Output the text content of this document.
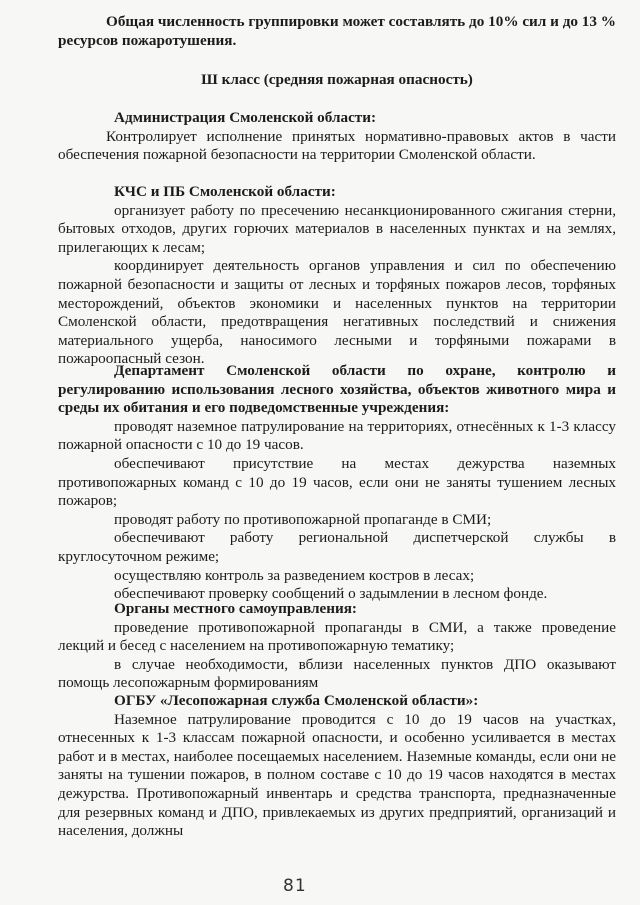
Общая численность группировки может составлять до 10% сил и до 13 % ресурсов пожаротушения.

Ш класс (средняя пожарная опасность)

Администрация Смоленской области:

Контролирует исполнение принятых нормативно-правовых актов в части обеспечения пожарной безопасности на территории Смоленской области.

КЧС и ПБ Смоленской области:

организует работу по пресечению несанкционированного сжигания стерни, бытовых отходов, других горючих материалов в населенных пунктах и на землях, прилегающих к лесам;

координирует деятельность органов управления и сил по обеспечению пожарной безопасности и защиты от лесных и торфяных пожаров лесов, торфяных месторождений, объектов экономики и населенных пунктов на территории Смоленской области, предотвращения негативных последствий и снижения материального ущерба, наносимого лесными и торфяными пожарами в пожароопасный сезон.

Департамент Смоленской области по охране, контролю и регулированию использования лесного хозяйства, объектов животного мира и среды их обитания и его подведомственные учреждения:

проводят наземное патрулирование на территориях, отнесённых к 1-3 классу пожарной опасности с 10 до 19 часов.

обеспечивают присутствие на местах дежурства наземных противопожарных команд с 10 до 19 часов, если они не заняты тушением лесных пожаров;

проводят работу по противопожарной пропаганде в СМИ;

обеспечивают работу региональной диспетчерской службы в круглосуточном режиме;

осуществляю контроль за разведением костров в лесах;

обеспечивают проверку сообщений о задымлении в лесном фонде.

Органы местного самоуправления:

проведение противопожарной пропаганды в СМИ, а также проведение лекций и бесед с населением на противопожарную тематику;

в случае необходимости, вблизи населенных пунктов ДПО оказывают помощь лесопожарным формированиям

ОГБУ «Лесопожарная служба Смоленской области»:

Наземное патрулирование проводится с 10 до 19 часов на участках, отнесенных к 1-3 классам пожарной опасности, и особенно усиливается в местах работ и в местах, наиболее посещаемых населением. Наземные команды, если они не заняты на тушении пожаров, в полном составе с 10 до 19 часов находятся в местах дежурства. Противопожарный инвентарь и средства транспорта, предназначенные для резервных команд и ДПО, привлекаемых из других предприятий, организаций и населения, должны

81
